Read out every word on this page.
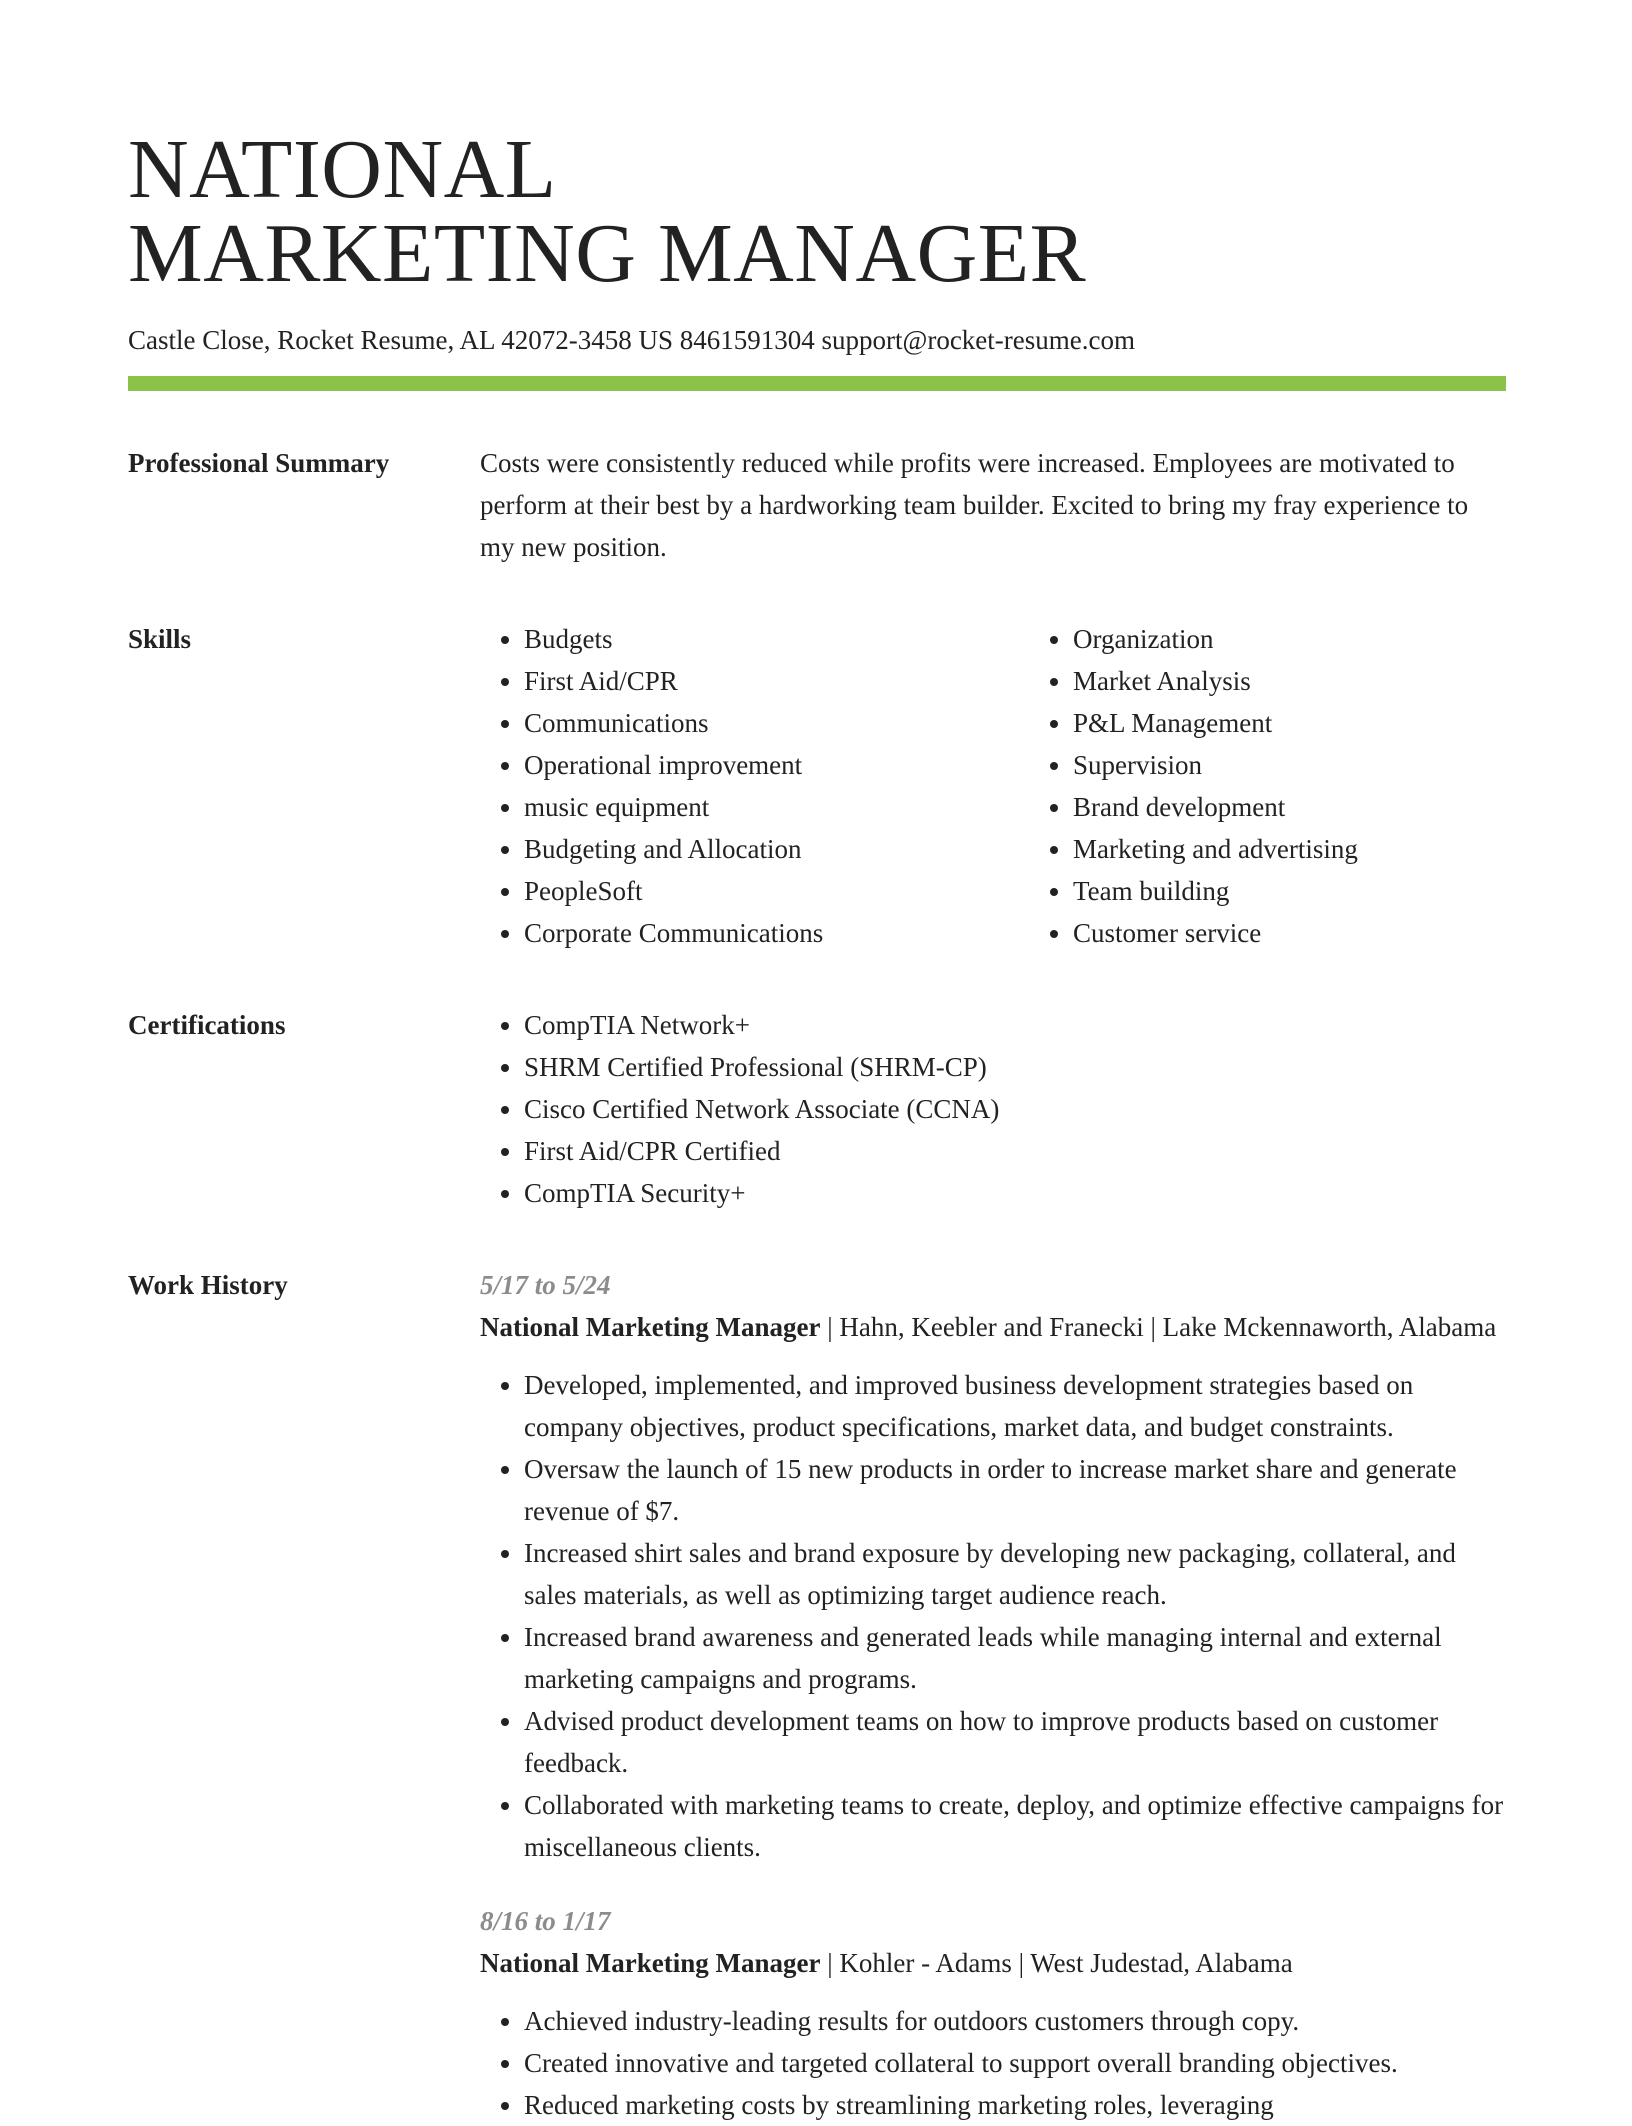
NATIONAL
MARKETING MANAGER
Castle Close, Rocket Resume, AL 42072-3458 US 8461591304 support@rocket-resume.com
Professional Summary	Costs were consistently reduced while profits were increased. Employees are motivated to perform at their best by a hardworking team builder. Excited to bring my fray experience to my new position.

Skills	• Budgets
• First Aid/CPR
• Communications
• Operational improvement
• music equipment
• Budgeting and Allocation
• PeopleSoft
• Corporate Communications
• Organization
• Market Analysis
• P&L Management
• Supervision
• Brand development
• Marketing and advertising
• Team building
• Customer service
Certifications	• CompTIA Network+
• SHRM Certified Professional (SHRM-CP)
• Cisco Certified Network Associate (CCNA)
• First Aid/CPR Certified
• CompTIA Security+
Work History	5/17 to 5/24
National Marketing Manager | Hahn, Keebler and Franecki | Lake Mckennaworth, Alabama
• Developed, implemented, and improved business development strategies based on company objectives, product specifications, market data, and budget constraints.
• Oversaw the launch of 15 new products in order to increase market share and generate revenue of $7.
• Increased shirt sales and brand exposure by developing new packaging, collateral, and sales materials, as well as optimizing target audience reach.
• Increased brand awareness and generated leads while managing internal and external marketing campaigns and programs.
• Advised product development teams on how to improve products based on customer feedback.
• Collaborated with marketing teams to create, deploy, and optimize effective campaigns for miscellaneous clients.
8/16 to 1/17
National Marketing Manager | Kohler - Adams | West Judestad, Alabama
• Achieved industry-leading results for outdoors customers through copy.
• Created innovative and targeted collateral to support overall branding objectives.
• Reduced marketing costs by streamlining marketing roles, leveraging
